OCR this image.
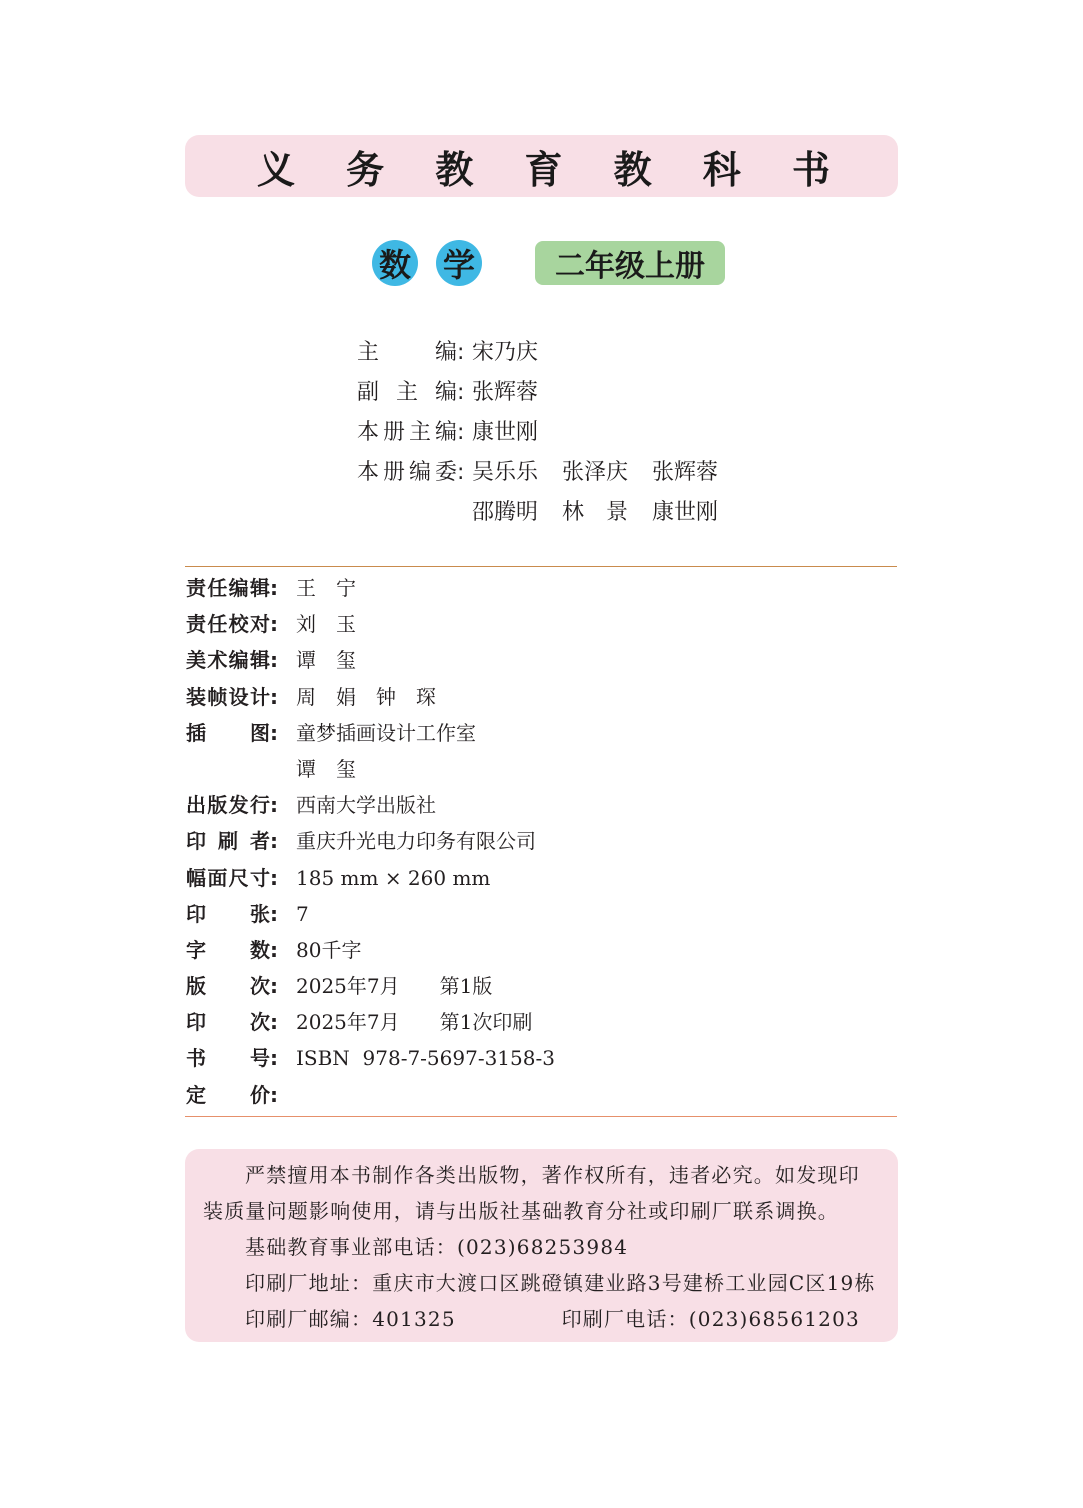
义 务 教 育 教 科 书
数 学	二年级上册
主　编 : 宋乃庆
副主编 : 张辉蓉
本册主编 : 康世刚
本册编委 : 吴乐乐 张泽庆 张辉蓉
邵腾明 林　景 康世刚
责任编辑 : 王　宁
责任校对 : 刘　玉
美术编辑 : 谭　玺
装帧设计 : 周　娟　钟　琛
插图 : 童梦插画设计工作室
谭　玺
出版发行 : 西南大学出版社
印刷者 : 重庆升光电力印务有限公司
幅面尺寸 : 185 mm × 260 mm
印张 : 7
字数 : 80千字
版次 : 2025年7月　　第1版
印次 : 2025年7月　　第1次印刷
书号 : ISBN  978-7-5697-3158-3
定价 :

严禁擅用本书制作各类出版物，著作权所有，违者必究。如发现印装质量问题影响使用，请与出版社基础教育分社或印刷厂联系调换。

基础教育事业部电话：(023)68253984

印刷厂地址：重庆市大渡口区跳磴镇建业路3号建桥工业园C区19栋

印刷厂邮编：401325	印刷厂电话：(023)68561203
